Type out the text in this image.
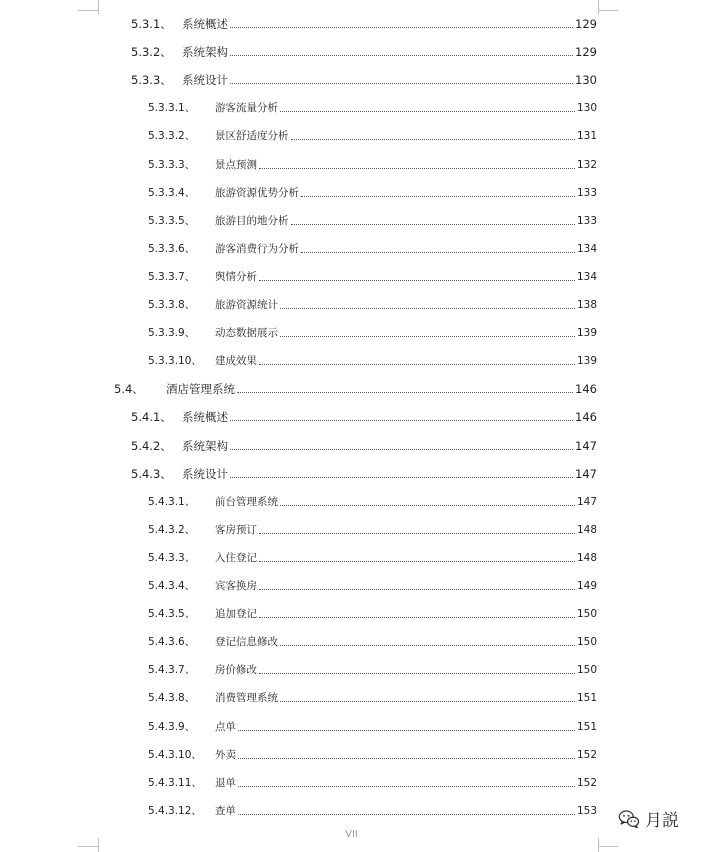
5.3.1、 系统概述	129
5.3.2、 系统架构	129
5.3.3、 系统设计	130
5.3.3.1、	游客流量分析	130
5.3.3.2、	景区舒适度分析	131
5.3.3.3、	景点预测	132
5.3.3.4、	旅游资源优势分析	133
5.3.3.5、	旅游目的地分析	133
5.3.3.6、	游客消费行为分析	134
5.3.3.7、	舆情分析	134
5.3.3.8、	旅游资源统计	138
5.3.3.9、	动态数据展示	139
5.3.3.10、	建成效果	139
5.4、	酒店管理系统	146
5.4.1、 系统概述	146
5.4.2、 系统架构	147
5.4.3、 系统设计	147
5.4.3.1、	前台管理系统	147
5.4.3.2、	客房预订	148
5.4.3.3、	入住登记	148
5.4.3.4、	宾客换房	149
5.4.3.5、	追加登记	150
5.4.3.6、	登记信息修改	150
5.4.3.7、	房价修改	150
5.4.3.8、	消费管理系统	151
5.4.3.9、	点单	151
5.4.3.10、	外卖	152
5.4.3.11、	退单	152
5.4.3.12、	查单	153
VII
月説
